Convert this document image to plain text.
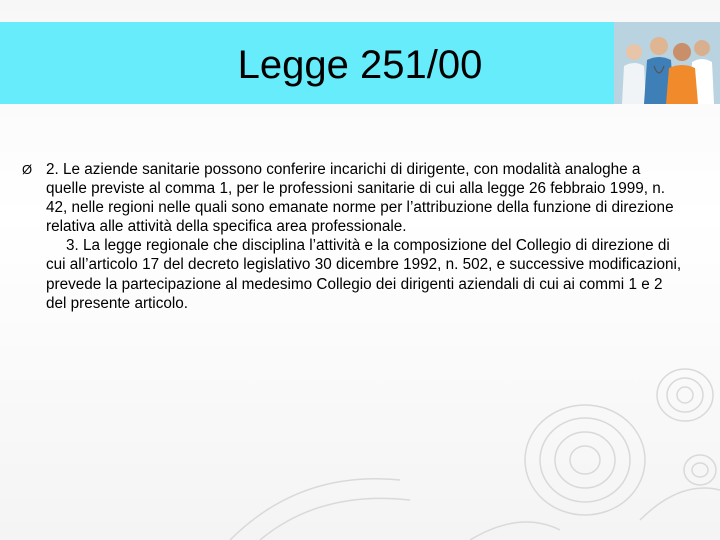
Legge 251/00
Ø 2. Le aziende sanitarie possono conferire incarichi di dirigente, con modalità analoghe a quelle previste al comma 1, per le professioni sanitarie di cui alla legge 26 febbraio 1999, n. 42, nelle regioni nelle quali sono emanate norme per l’attribuzione della funzione di direzione relativa alle attività della specifica area professionale.
3. La legge regionale che disciplina l’attività e la composizione del Collegio di direzione di cui all’articolo 17 del decreto legislativo 30 dicembre 1992, n. 502, e successive modificazioni, prevede la partecipazione al medesimo Collegio dei dirigenti aziendali di cui ai commi 1 e 2 del presente articolo.
